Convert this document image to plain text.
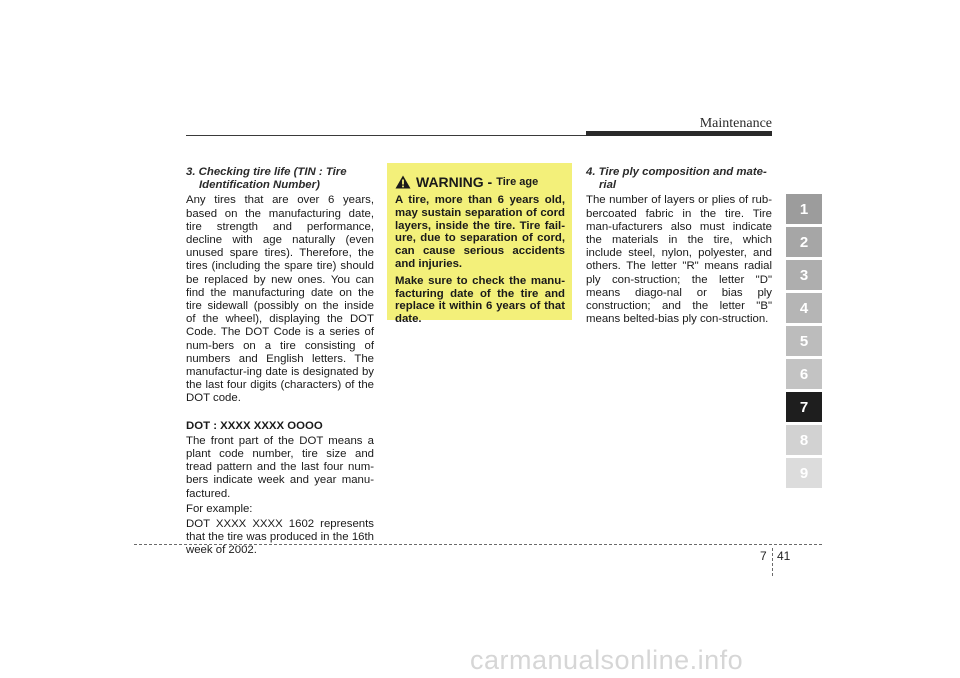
Maintenance
3. Checking tire life (TIN : Tire Identification Number)

Any tires that are over 6 years, based on the manufacturing date, tire strength and performance, decline with age naturally (even unused spare tires). Therefore, the tires (including the spare tire) should be replaced by new ones. You can find the manufacturing date on the tire sidewall (possibly on the inside of the wheel), displaying the DOT Code. The DOT Code is a series of num-bers on a tire consisting of numbers and English letters. The manufactur-ing date is designated by the last four digits (characters) of the DOT code.

DOT : XXXX XXXX OOOO

The front part of the DOT means a plant code number, tire size and tread pattern and the last four num-bers indicate week and year manu-factured.

For example:

DOT XXXX XXXX 1602 represents that the tire was produced in the 16th week of 2002.

WARNING - Tire age

A tire, more than 6 years old, may sustain separation of cord layers, inside the tire. Tire fail-ure, due to separation of cord, can cause serious accidents and injuries.

Make sure to check the manu-facturing date of the tire and replace it within 6 years of that date.

4. Tire ply composition and mate-rial

The number of layers or plies of rub-bercoated fabric in the tire. Tire man-ufacturers also must indicate the materials in the tire, which include steel, nylon, polyester, and others. The letter "R" means radial ply con-struction; the letter "D" means diago-nal or bias ply construction; and the letter "B" means belted-bias ply con-struction.

1
2
3
4
5
6
7
8
9
7 41
carmanualsonline.info
